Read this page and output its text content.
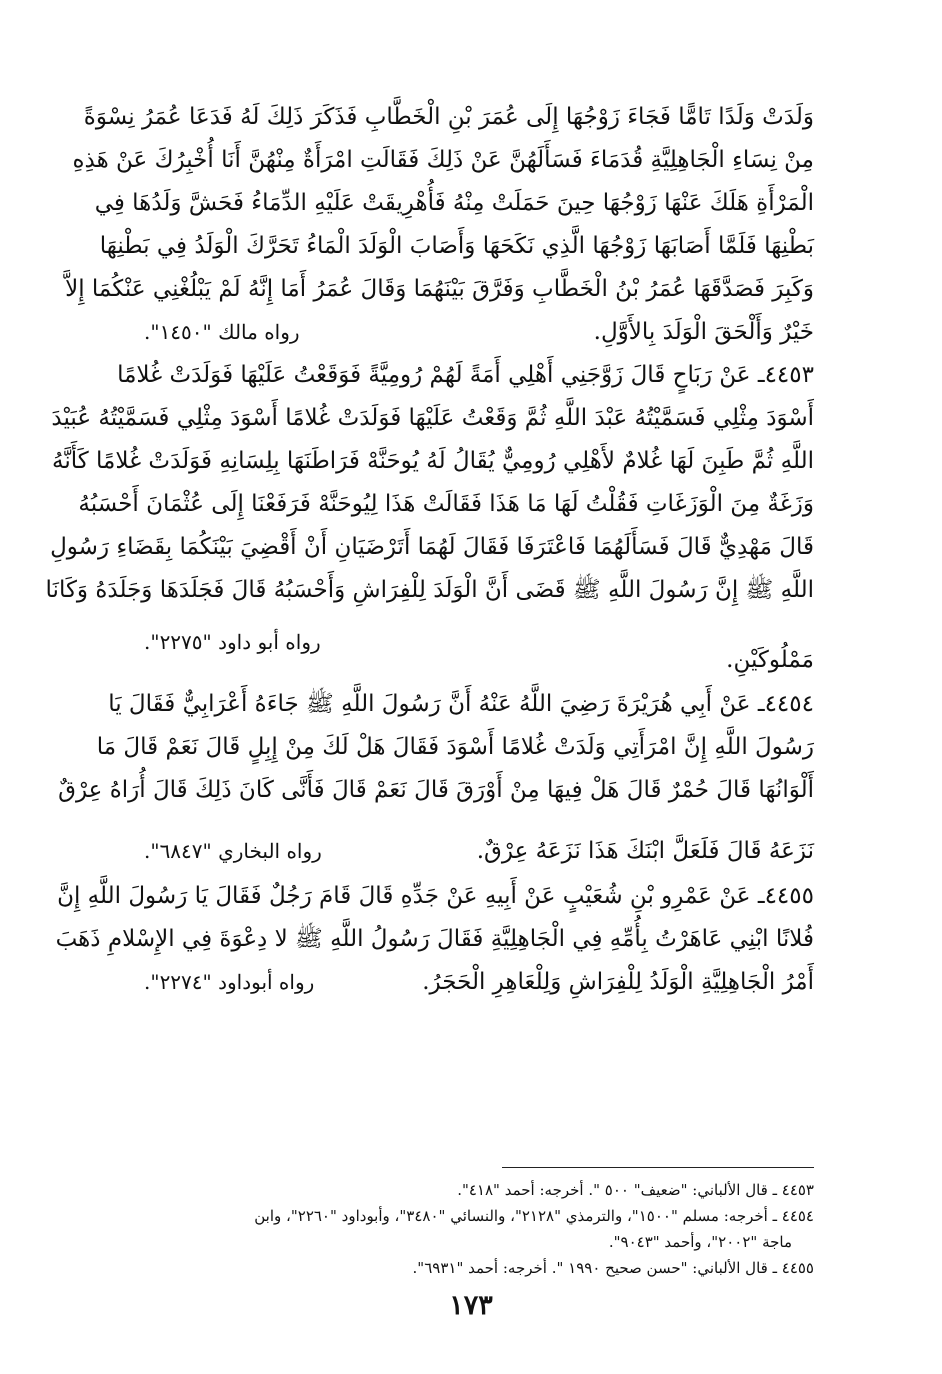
وَلَدَتْ وَلَدًا تَامًّا فَجَاءَ زَوْجُهَا إِلَى عُمَرَ بْنِ الْخَطَّابِ فَذَكَرَ ذَلِكَ لَهُ فَدَعَا عُمَرُ نِسْوَةً
مِنْ نِسَاءِ الْجَاهِلِيَّةِ قُدَمَاءَ فَسَأَلَهُنَّ عَنْ ذَلِكَ فَقَالَتِ امْرَأَةٌ مِنْهُنَّ أَنَا أُخْبِرُكَ عَنْ هَذِهِ
الْمَرْأَةِ هَلَكَ عَنْهَا زَوْجُهَا حِينَ حَمَلَتْ مِنْهُ فَأُهْرِيقَتْ عَلَيْهِ الدِّمَاءُ فَحَشَّ وَلَدُهَا فِي
بَطْنِهَا فَلَمَّا أَصَابَهَا زَوْجُهَا الَّذِي نَكَحَهَا وَأَصَابَ الْوَلَدَ الْمَاءُ تَحَرَّكَ الْوَلَدُ فِي بَطْنِهَا
وَكَبِرَ فَصَدَّقَهَا عُمَرُ بْنُ الْخَطَّابِ وَفَرَّقَ بَيْنَهُمَا وَقَالَ عُمَرُ أَمَا إِنَّهُ لَمْ يَبْلُغْنِي عَنْكُمَا إِلاَّ
خَيْرٌ وَأَلْحَقَ الْوَلَدَ بِالأَوَّلِ.
رواه مالك "١٤٥٠".
٤٤٥٣ـ عَنْ رَبَاحٍ قَالَ زَوَّجَنِي أَهْلِي أَمَةً لَهُمْ رُومِيَّةً فَوَقَعْتُ عَلَيْهَا فَوَلَدَتْ غُلامًا
أَسْوَدَ مِثْلِي فَسَمَّيْتُهُ عَبْدَ اللَّهِ ثُمَّ وَقَعْتُ عَلَيْهَا فَوَلَدَتْ غُلامًا أَسْوَدَ مِثْلِي فَسَمَّيْتُهُ عُبَيْدَ
اللَّهِ ثُمَّ طَبِنَ لَهَا غُلامٌ لأَهْلِي رُومِيٌّ يُقَالُ لَهُ يُوحَنَّهْ فَرَاطَنَهَا بِلِسَانِهِ فَوَلَدَتْ غُلامًا كَأَنَّهُ
وَزَغَةٌ مِنَ الْوَزَغَاتِ فَقُلْتُ لَهَا مَا هَذَا فَقَالَتْ هَذَا لِيُوحَنَّهْ فَرَفَعْنَا إِلَى عُثْمَانَ أَحْسَبُهُ
قَالَ مَهْدِيٌّ قَالَ فَسَأَلَهُمَا فَاعْتَرَفَا فَقَالَ لَهُمَا أَتَرْضَيَانِ أَنْ أَقْضِيَ بَيْنَكُمَا بِقَضَاءِ رَسُولِ
اللَّهِ ﷺ إِنَّ رَسُولَ اللَّهِ ﷺ قَضَى أَنَّ الْوَلَدَ لِلْفِرَاشِ وَأَحْسَبُهُ قَالَ فَجَلَدَهَا وَجَلَدَهُ وَكَانَا
مَمْلُوكَيْنِ.
رواه أبو داود "٢٢٧٥".
٤٤٥٤ـ عَنْ أَبِي هُرَيْرَةَ رَضِيَ اللَّهُ عَنْهُ أَنَّ رَسُولَ اللَّهِ ﷺ جَاءَهُ أَعْرَابِيٌّ فَقَالَ يَا
رَسُولَ اللَّهِ إِنَّ امْرَأَتِي وَلَدَتْ غُلامًا أَسْوَدَ فَقَالَ هَلْ لَكَ مِنْ إِبِلٍ قَالَ نَعَمْ قَالَ مَا
أَلْوَانُهَا قَالَ حُمْرٌ قَالَ هَلْ فِيهَا مِنْ أَوْرَقَ قَالَ نَعَمْ قَالَ فَأَنَّى كَانَ ذَلِكَ قَالَ أُرَاهُ عِرْقٌ
نَزَعَهُ قَالَ فَلَعَلَّ ابْنَكَ هَذَا نَزَعَهُ عِرْقٌ.
رواه البخاري "٦٨٤٧".
٤٤٥٥ـ عَنْ عَمْرِو بْنِ شُعَيْبٍ عَنْ أَبِيهِ عَنْ جَدِّهِ قَالَ قَامَ رَجُلٌ فَقَالَ يَا رَسُولَ اللَّهِ إِنَّ
فُلانًا ابْنِي عَاهَرْتُ بِأُمِّهِ فِي الْجَاهِلِيَّةِ فَقَالَ رَسُولُ اللَّهِ ﷺ لا دِعْوَةَ فِي الإِسْلامِ ذَهَبَ
أَمْرُ الْجَاهِلِيَّةِ الْوَلَدُ لِلْفِرَاشِ وَلِلْعَاهِرِ الْحَجَرُ.
رواه أبوداود "٢٢٧٤".
٤٤٥٣ ـ قال الألباني: "ضعيف" ٥٠٠ ". أخرجه: أحمد "٤١٨".
٤٤٥٤ ـ أخرجه: مسلم "١٥٠٠"، والترمذي "٢١٢٨"، والنسائي "٣٤٨٠"، وأبوداود "٢٢٦٠"، وابن
ماجة "٢٠٠٢"، وأحمد "٩٠٤٣".
٤٤٥٥ ـ قال الألباني: "حسن صحيح ١٩٩٠ ". أخرجه: أحمد "٦٩٣١".
١٧٣
